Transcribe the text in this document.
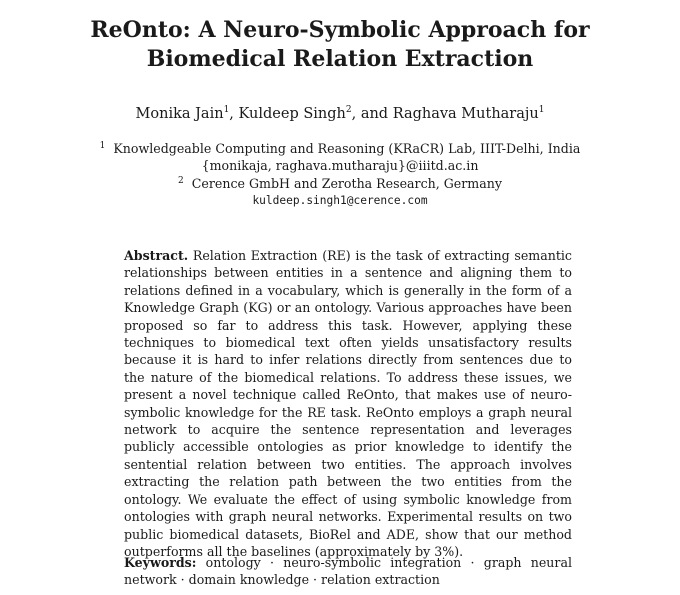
ReOnto: A Neuro-Symbolic Approach for
Biomedical Relation Extraction
Monika Jain$^1$, Kuldeep Singh$^2$, and Raghava Mutharaju$^1$
$^1$ Knowledgeable Computing and Reasoning (KRaCR) Lab, IIIT-Delhi, India
{monikaja, raghava.mutharaju}@iiitd.ac.in
$^2$ Cerence GmbH and Zerotha Research, Germany
kuldeep.singh1@cerence.com

Abstract. Relation Extraction (RE) is the task of extracting semantic relationships between entities in a sentence and aligning them to relations defined in a vocabulary, which is generally in the form of a Knowledge Graph (KG) or an ontology. Various approaches have been proposed so far to address this task. However, applying these techniques to biomedical text often yields unsatisfactory results because it is hard to infer relations directly from sentences due to the nature of the biomedical relations. To address these issues, we present a novel technique called ReOnto, that makes use of neuro-symbolic knowledge for the RE task. ReOnto employs a graph neural network to acquire the sentence representation and leverages publicly accessible ontologies as prior knowledge to identify the sentential relation between two entities. The approach involves extracting the relation path between the two entities from the ontology. We evaluate the effect of using symbolic knowledge from ontologies with graph neural networks. Experimental results on two public biomedical datasets, BioRel and ADE, show that our method outperforms all the baselines (approximately by 3%).

Keywords: ontology · neuro-symbolic integration · graph neural network · domain knowledge · relation extraction
